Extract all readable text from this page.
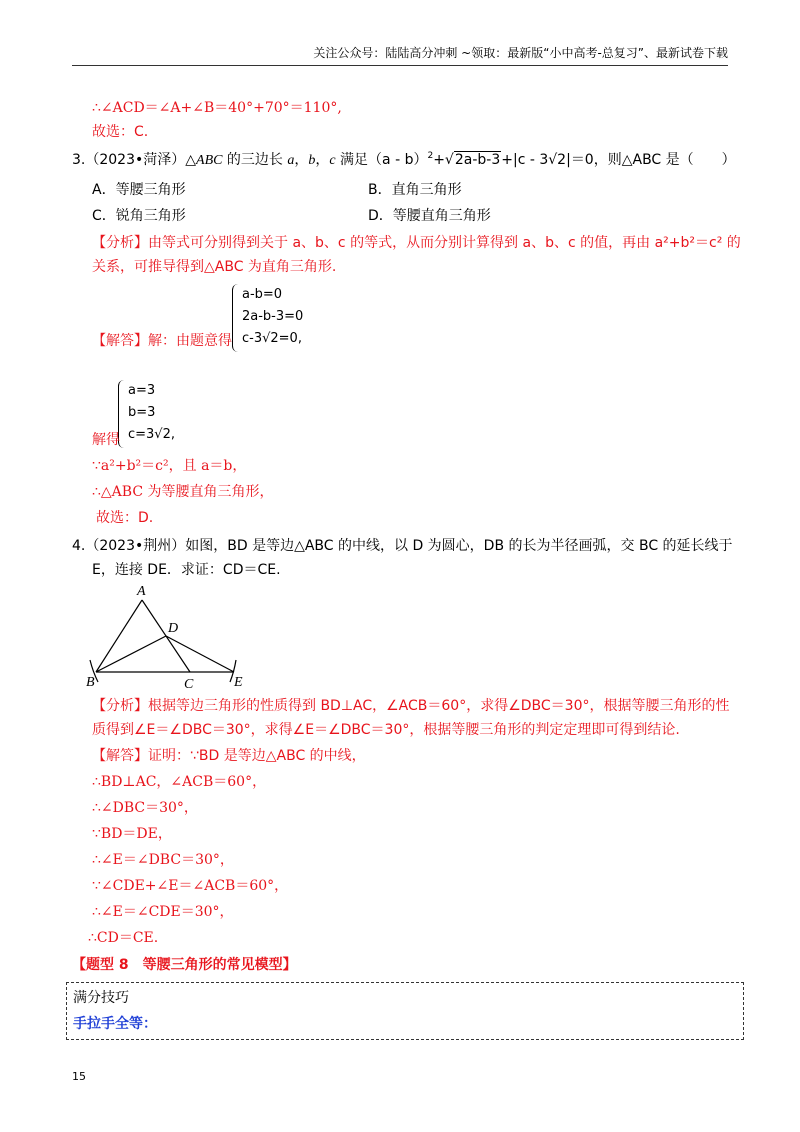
关注公众号：陆陆高分冲刺 ~领取：最新版“小中高考-总复习”、最新试卷下载
∴∠ACD＝∠A+∠B＝40°+70°＝110°,
故选：C.
3.（2023•菏泽）△ABC 的三边长 a，b，c 满足（a - b）$^2$+√2a-b-3+|c - 3√2|＝0，则△ABC 是（　　）
A．等腰三角形	B．直角三角形
C．锐角三角形	D．等腰直角三角形
【分析】由等式可分别得到关于 a、b、c 的等式，从而分别计算得到 a、b、c 的值，再由 a²+b²＝c² 的
关系，可推导得到△ABC 为直角三角形.
a-b=0
2a-b-3=0
c-3√2=0,
【解答】解：由题意得
a=3
b=3
c=3√2,
解得
∵a²+b²＝c²，且 a＝b，
∴△ABC 为等腰直角三角形，
故选：D.
4.（2023•荆州）如图，BD 是等边△ABC 的中线，以 D 为圆心，DB 的长为半径画弧，交 BC 的延长线于
E，连接 DE．求证：CD＝CE.
A
D
B	C	E
【分析】根据等边三角形的性质得到 BD⊥AC，∠ACB＝60°，求得∠DBC＝30°，根据等腰三角形的性
质得到∠E＝∠DBC＝30°，求得∠E＝∠DBC＝30°，根据等腰三角形的判定定理即可得到结论.
【解答】证明：∵BD 是等边△ABC 的中线，
∴BD⊥AC，∠ACB＝60°，
∴∠DBC＝30°，
∵BD＝DE，
∴∠E＝∠DBC＝30°，
∵∠CDE+∠E＝∠ACB＝60°，
∴∠E＝∠CDE＝30°，
∴CD＝CE.
【题型 8　等腰三角形的常见模型】
满分技巧
手拉手全等：
15
